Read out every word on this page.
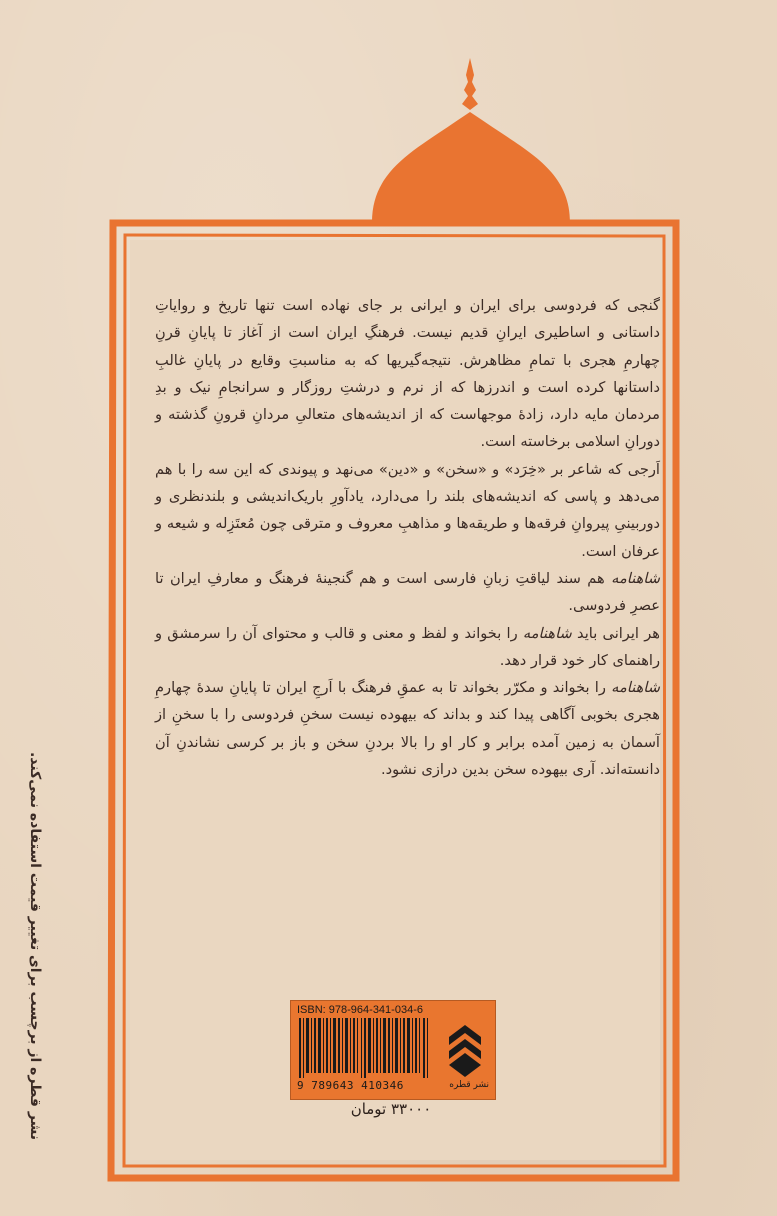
گنجی که فردوسی برای ایران و ایرانی بر جای نهاده است تنها تاریخ و روایاتِ داستانی و اساطیری ایرانِ قدیم نیست. فرهنگِ ایران است از آغاز تا پایانِ قرنِ چهارمِ هجری با تمامِ مظاهرش. نتیجه‌گیریها که به مناسبتِ وقایع در پایانِ غالبِ داستانها کرده است و اندرزها که از نرم و درشتِ روزگار و سرانجامِ نیک و بدِ مردمان مایه دارد، زادهٔ موجهاست که از اندیشه‌های متعالیِ مردانِ قرونِ گذشته و دورانِ اسلامی برخاسته است.

اَرجی که شاعر بر «خِرَد» و «سخن» و «دین» می‌نهد و پیوندی که این سه را با هم می‌دهد و پاسی که اندیشه‌های بلند را می‌دارد، یادآورِ باریک‌اندیشی و بلندنظری و دوربینیِ پیروانِ فرقه‌ها و طریقه‌ها و مذاهبِ معروف و مترقی چون مُعتَزِله و شیعه و عرفان است.

شاهنامه هم سند لیاقتِ زبانِ فارسی است و هم گنجینهٔ فرهنگ و معارفِ ایران تا عصرِ فردوسی.

هر ایرانی باید شاهنامه را بخواند و لفظ و معنی و قالب و محتوای آن را سرمشق و راهنمای کار خود قرار دهد.

شاهنامه را بخواند و مکرّر بخواند تا به عمقِ فرهنگ با اَرجِ ایران تا پایانِ سدهٔ چهارمِ هجری بخوبی آگاهی پیدا کند و بداند که بیهوده نیست سخنِ فردوسی را با سخنِ از آسمان به زمین آمده برابر و کار او را بالا بردنِ سخن و باز بر کرسی نشاندنِ آن دانسته‌اند. آری بیهوده سخن بدین درازی نشود.

نشر قطره از برچسب برای تغییر قیمت استفاده نمی‌کند.	ISBN: 978-964-341-034-6
9 789643 410346	نشر قطره
۳۳۰۰۰ تومان
